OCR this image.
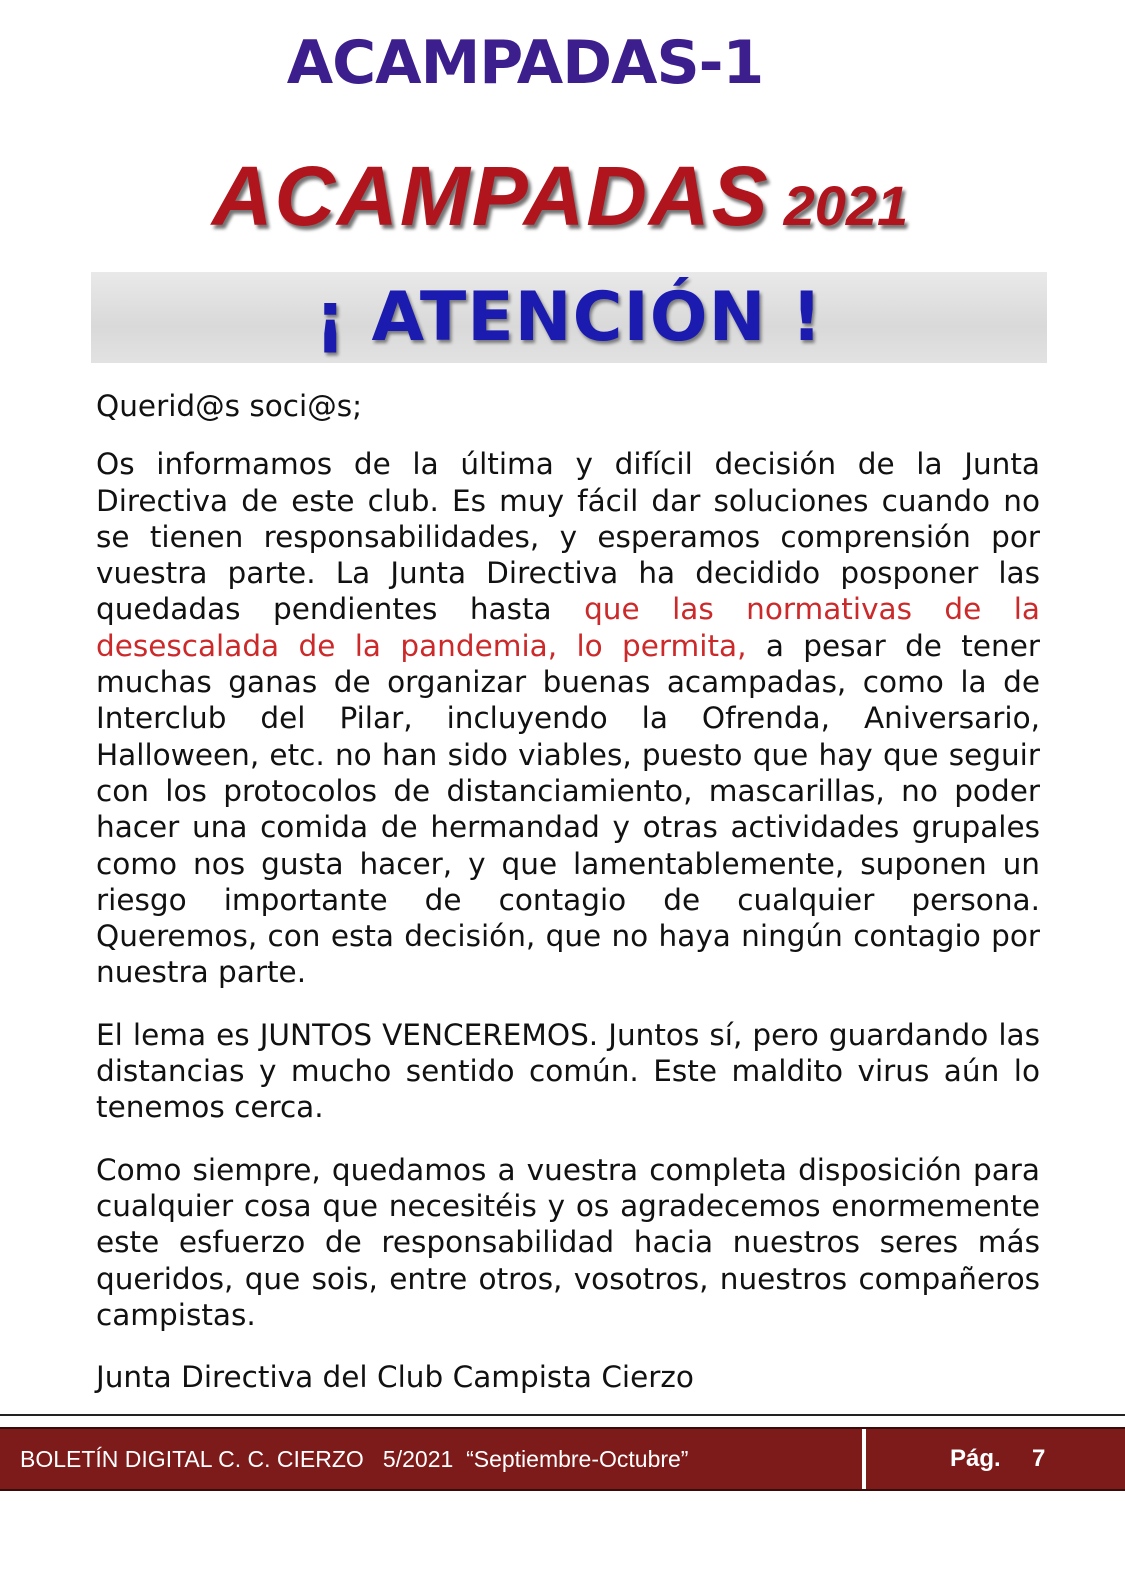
ACAMPADAS-1
ACAMPADAS 2021
¡ ATENCIÓN !

Querid@s soci@s;

Os informamos de la última y difícil decisión de la Junta Directiva de este club. Es muy fácil dar soluciones cuando no se tienen responsabilidades, y esperamos comprensión por vuestra parte. La Junta Directiva ha decidido posponer las quedadas pendientes hasta que las normativas de la desescalada de la pandemia, lo permita, a pesar de tener muchas ganas de organizar buenas acampadas, como la de Interclub del Pilar, incluyendo la Ofrenda, Aniversario, Halloween, etc. no han sido viables, puesto que hay que seguir con los protocolos de distanciamiento, mascarillas, no poder hacer una comida de hermandad y otras actividades grupales como nos gusta hacer, y que lamentablemente, suponen un riesgo importante de contagio de cualquier persona. Queremos, con esta decisión, que no haya ningún contagio por nuestra parte.

El lema es JUNTOS VENCEREMOS. Juntos sí, pero guardando las distancias y mucho sentido común. Este maldito virus aún lo tenemos cerca.

Como siempre, quedamos a vuestra completa disposición para cualquier cosa que necesitéis y os agradecemos enormemente este esfuerzo de responsabilidad hacia nuestros seres más queridos, que sois, entre otros, vosotros, nuestros compañeros campistas.

Junta Directiva del Club Campista Cierzo

BOLETÍN DIGITAL C. C. CIERZO   5/2021  “Septiembre-Octubre”	Pág. 7
